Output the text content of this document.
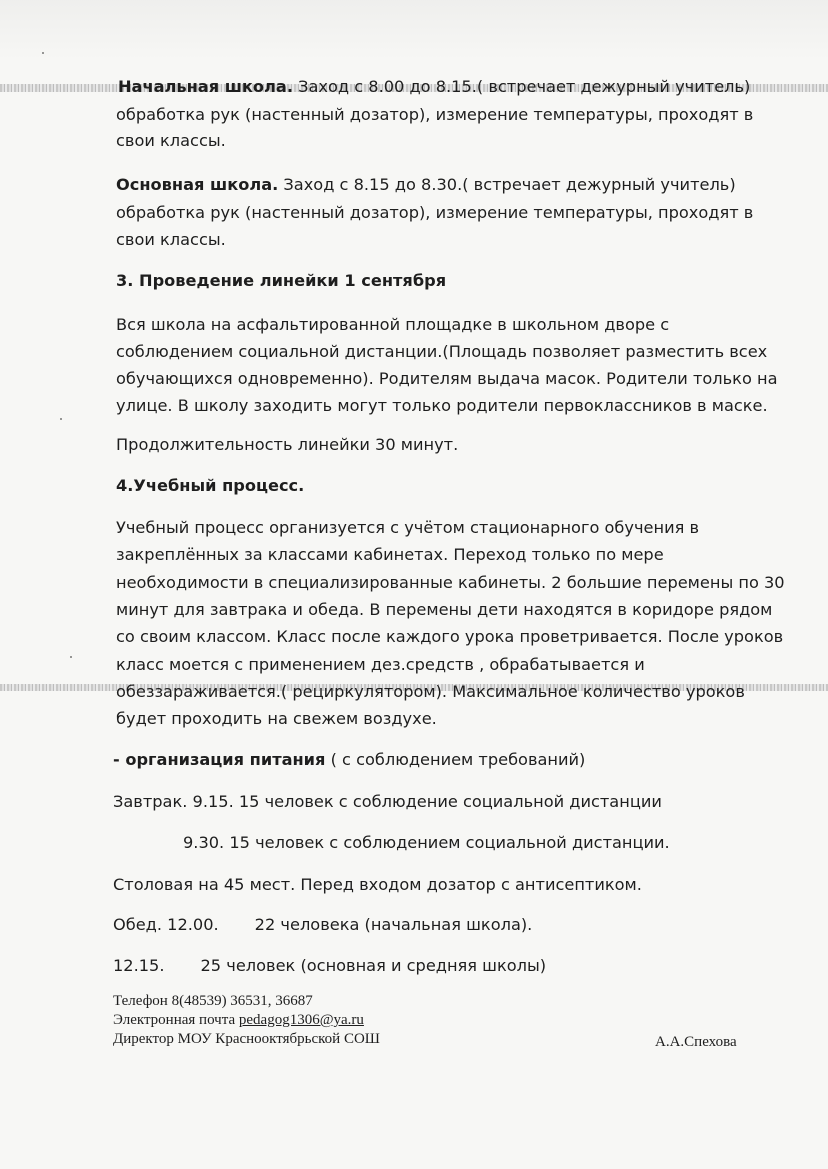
Начальная школа. Заход с 8.00 до 8.15.( встречает дежурный учитель)
обработка рук (настенный дозатор), измерение температуры, проходят в
свои классы.
Основная школа. Заход с 8.15 до 8.30.( встречает дежурный учитель)
обработка рук (настенный дозатор), измерение температуры, проходят в
свои классы.
3. Проведение линейки 1 сентября
Вся школа на асфальтированной площадке в школьном дворе с
соблюдением социальной дистанции.(Площадь позволяет разместить всех
обучающихся одновременно). Родителям выдача масок. Родители только на
улице. В школу заходить могут только родители первоклассников в маске.
Продолжительность линейки 30 минут.
4.Учебный процесс.
Учебный процесс организуется с учётом стационарного обучения в
закреплённых за классами кабинетах. Переход только по мере
необходимости в специализированные кабинеты. 2 большие перемены по 30
минут для завтрака и обеда. В перемены дети находятся в коридоре рядом
со своим классом. Класс после каждого урока проветривается. После уроков
класс моется с применением дез.средств , обрабатывается и
обеззараживается.( рециркулятором). Максимальное количество уроков
будет проходить на свежем воздухе.
- организация питания ( с соблюдением требований)
Завтрак. 9.15. 15 человек с соблюдение социальной дистанции
9.30. 15 человек с соблюдением социальной дистанции.
Столовая на 45 мест. Перед входом дозатор с антисептиком.
Обед. 12.00.       22 человека (начальная школа).
12.15.       25 человек (основная и средняя школы)
Телефон 8(48539) 36531, 36687
Электронная почта pedagog1306@ya.ru
Директор МОУ Краснооктябрьской СОШ	А.А.Спехова
